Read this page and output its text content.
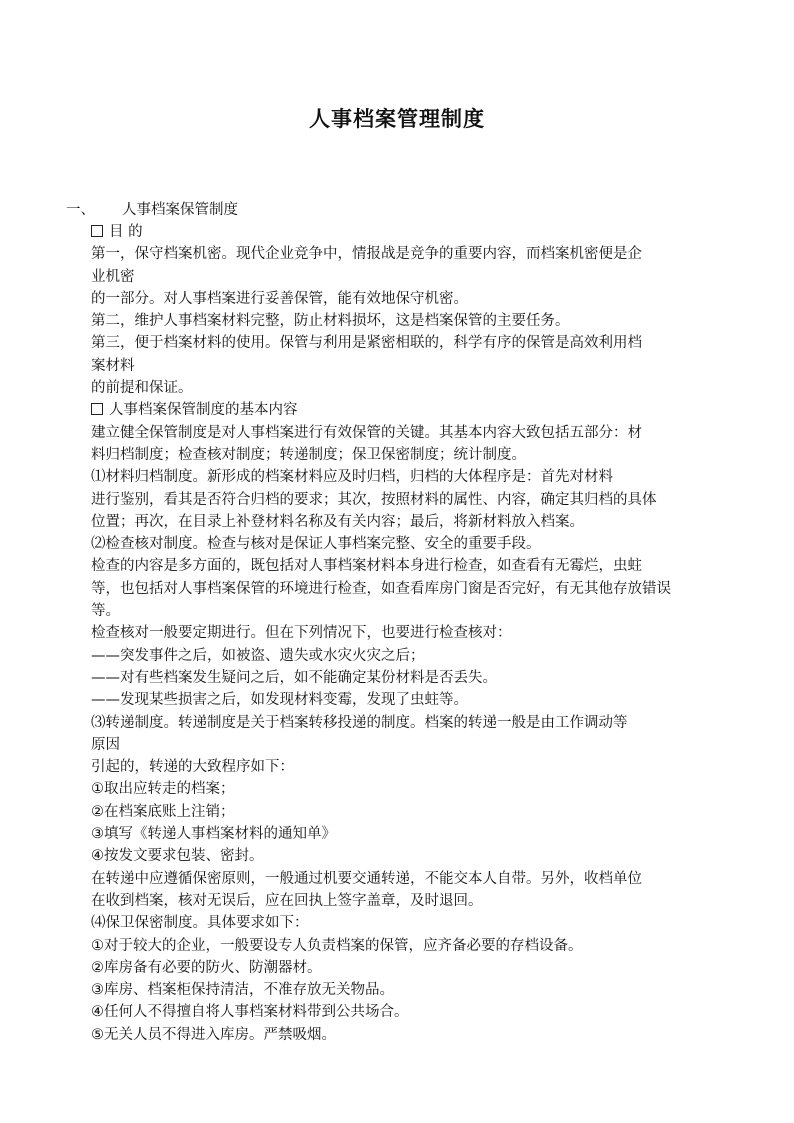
人事档案管理制度
一、 人事档案保管制度
目 的
第一，保守档案机密。现代企业竞争中，情报战是竞争的重要内容，而档案机密便是企
业机密
的一部分。对人事档案进行妥善保管，能有效地保守机密。
第二，维护人事档案材料完整，防止材料损坏，这是档案保管的主要任务。
第三，便于档案材料的使用。保管与利用是紧密相联的，科学有序的保管是高效利用档
案材料
的前提和保证。
人事档案保管制度的基本内容
建立健全保管制度是对人事档案进行有效保管的关键。其基本内容大致包括五部分：材
料归档制度；检查核对制度；转递制度；保卫保密制度；统计制度。
⑴材料归档制度。新形成的档案材料应及时归档，归档的大体程序是：首先对材料
进行鉴别，看其是否符合归档的要求；其次，按照材料的属性、内容，确定其归档的具体
位置；再次，在目录上补登材料名称及有关内容；最后，将新材料放入档案。
⑵检查核对制度。检查与核对是保证人事档案完整、安全的重要手段。
检查的内容是多方面的，既包括对人事档案材料本身进行检查，如查看有无霉烂，虫蛀
等，也包括对人事档案保管的环境进行检查，如查看库房门窗是否完好，有无其他存放错误
等。
检查核对一般要定期进行。但在下列情况下，也要进行检查核对：
——突发事件之后，如被盗、遗失或水灾火灾之后；
——对有些档案发生疑问之后，如不能确定某份材料是否丢失。
——发现某些损害之后，如发现材料变霉，发现了虫蛀等。
⑶转递制度。转递制度是关于档案转移投递的制度。档案的转递一般是由工作调动等
原因
引起的，转递的大致程序如下：
①取出应转走的档案；
②在档案底账上注销；
③填写《转递人事档案材料的通知单》
④按发文要求包装、密封。
在转递中应遵循保密原则，一般通过机要交通转递，不能交本人自带。另外，收档单位
在收到档案，核对无误后，应在回执上签字盖章，及时退回。
⑷保卫保密制度。具体要求如下：
①对于较大的企业，一般要设专人负责档案的保管，应齐备必要的存档设备。
②库房备有必要的防火、防潮器材。
③库房、档案柜保持清洁，不准存放无关物品。
④任何人不得擅自将人事档案材料带到公共场合。
⑤无关人员不得进入库房。严禁吸烟。
